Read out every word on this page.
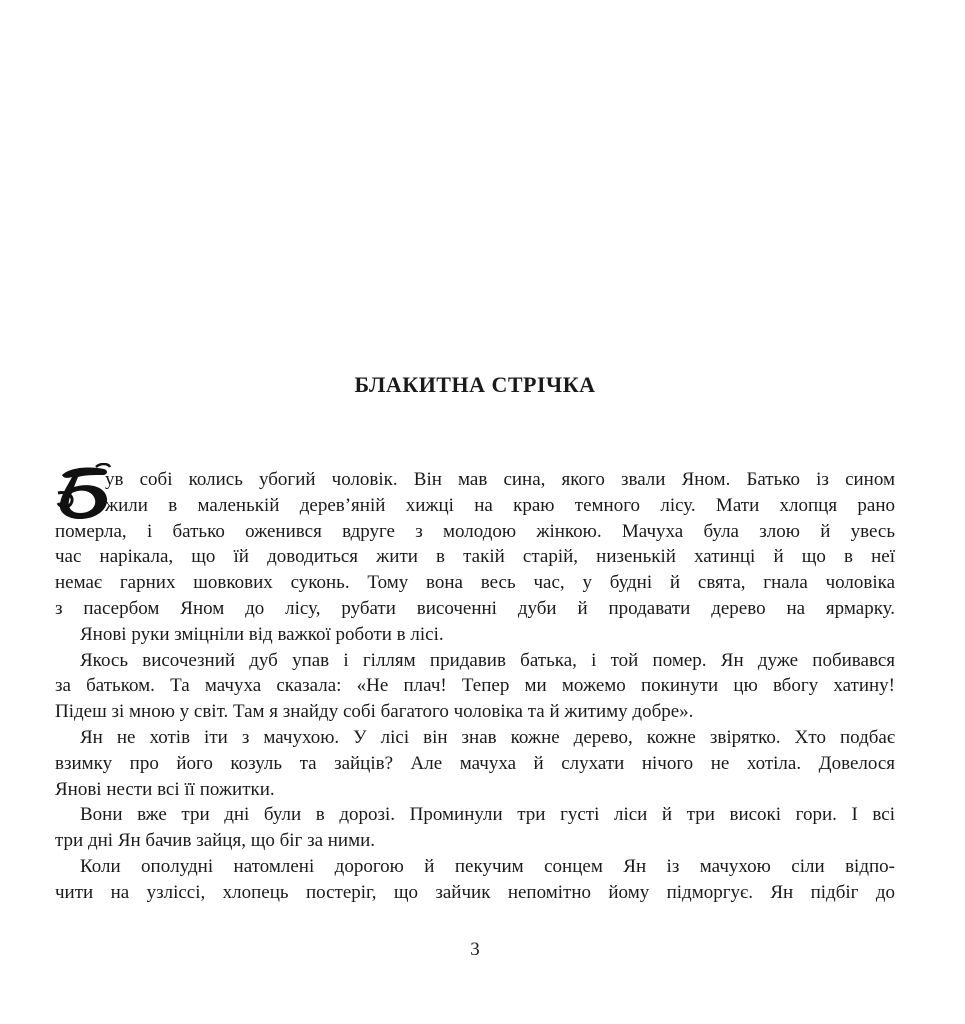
БЛАКИТНА СТРІЧКА
ув собі колись убогий чоловік. Він мав сина, якого звали Яном. Батько із сином
жили в маленькій дерев’яній хижці на краю темного лісу. Мати хлопця рано
померла, і батько оженився вдруге з молодою жінкою. Мачуха була злою й увесь
час нарікала, що їй доводиться жити в такій старій, низенькій хатинці й що в неї
немає гарних шовкових суконь. Тому вона весь час, у будні й свята, гнала чоловіка
з пасербом Яном до лісу, рубати височенні дуби й продавати дерево на ярмарку.
Янові руки зміцніли від важкої роботи в лісі.
Якось височезний дуб упав і гіллям придавив батька, і той помер. Ян дуже побивався
за батьком. Та мачуха сказала: «Не плач! Тепер ми можемо покинути цю вбогу хатину!
Підеш зі мною у світ. Там я знайду собі багатого чоловіка та й житиму добре».
Ян не хотів іти з мачухою. У лісі він знав кожне дерево, кожне звірятко. Хто подбає
взимку про його козуль та зайців? Але мачуха й слухати нічого не хотіла. Довелося
Янові нести всі її пожитки.
Вони вже три дні були в дорозі. Проминули три густі ліси й три високі гори. І всі
три дні Ян бачив зайця, що біг за ними.
Коли опoлудні натомлені дорогою й пекучим сонцем Ян із мачухою сіли відпо-
чити на узліссі, хлопець постеріг, що зайчик непомітно йому підморгує. Ян підбіг до
3
